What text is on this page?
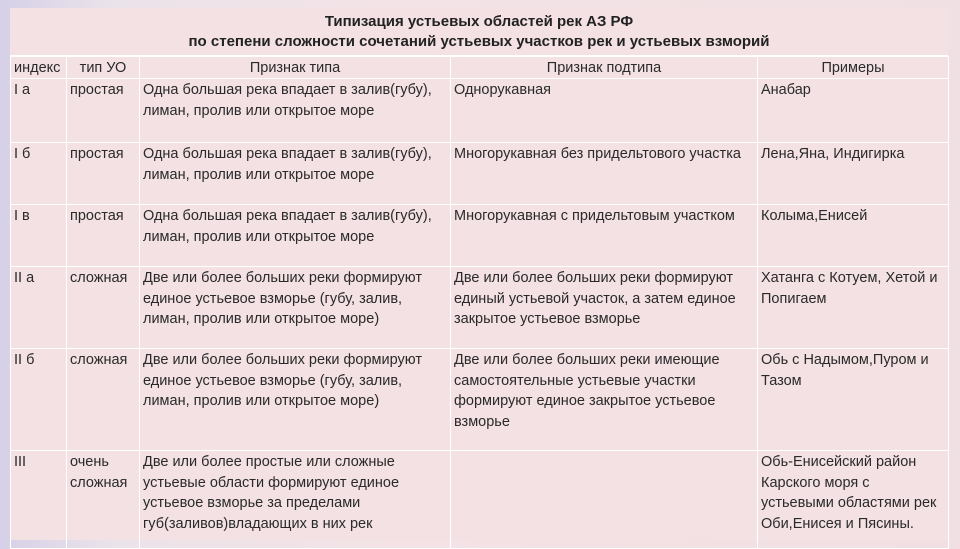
Типизация устьевых областей рек АЗ РФ
по степени сложности сочетаний устьевых участков рек и устьевых взморий
индекс	тип УО	Признак типа	Признак подтипа	Примеры
I а	простая	Одна большая река впадает в залив(губу), лиман, пролив или открытое море	Однорукавная	Анабар
I б	простая	Одна большая река впадает в залив(губу), лиман, пролив или открытое море	Многорукавная без придельтового участка	Лена,Яна, Индигирка
I в	простая	Одна большая река впадает в залив(губу), лиман, пролив или открытое море	Многорукавная с придельтовым участком	Колыма,Енисей
II а	сложная	Две или более больших реки формируют единое устьевое взморье (губу, залив, лиман, пролив или открытое море)	Две или более больших реки формируют единый устьевой участок, а затем единое закрытое устьевое взморье	Хатанга с Котуем, Хетой и Попигаем
II б	сложная	Две или более больших реки формируют единое устьевое взморье (губу, залив, лиман, пролив или открытое море)	Две или более больших реки имеющие самостоятельные устьевые участки формируют единое закрытое устьевое взморье	Обь с Надымом,Пуром и Тазом
III	очень сложная	Две или более простые или сложные устьевые области формируют единое устьевое взморье за пределами губ(заливов)владающих в них рек		Обь-Енисейский район Карского моря с устьевыми областями рек Оби,Енисея и Пясины.
